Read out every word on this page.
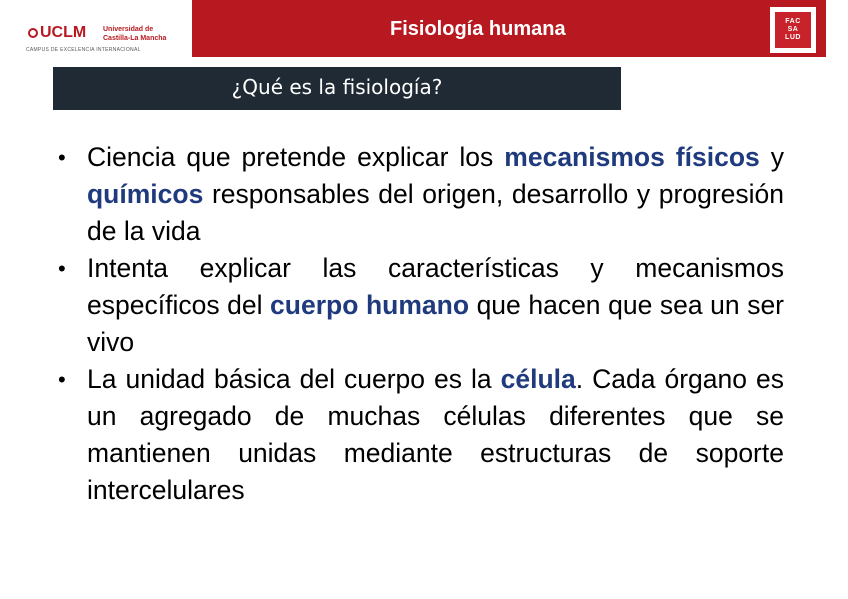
UCLM	Universidad de
Castilla-La Mancha
CAMPUS DE EXCELENCIA INTERNACIONAL
Fisiología humana	FAC
SA
LUD
¿Qué es la fisiología?
• Ciencia que pretende explicar los mecanismos físicos y químicos responsables del origen, desarrollo y progresión de la vida
• Intenta explicar las características y mecanismos específicos del cuerpo humano que hacen que sea un ser vivo
• La unidad básica del cuerpo es la célula. Cada órgano es un agregado de muchas células diferentes que se mantienen unidas mediante estructuras de soporte intercelulares
